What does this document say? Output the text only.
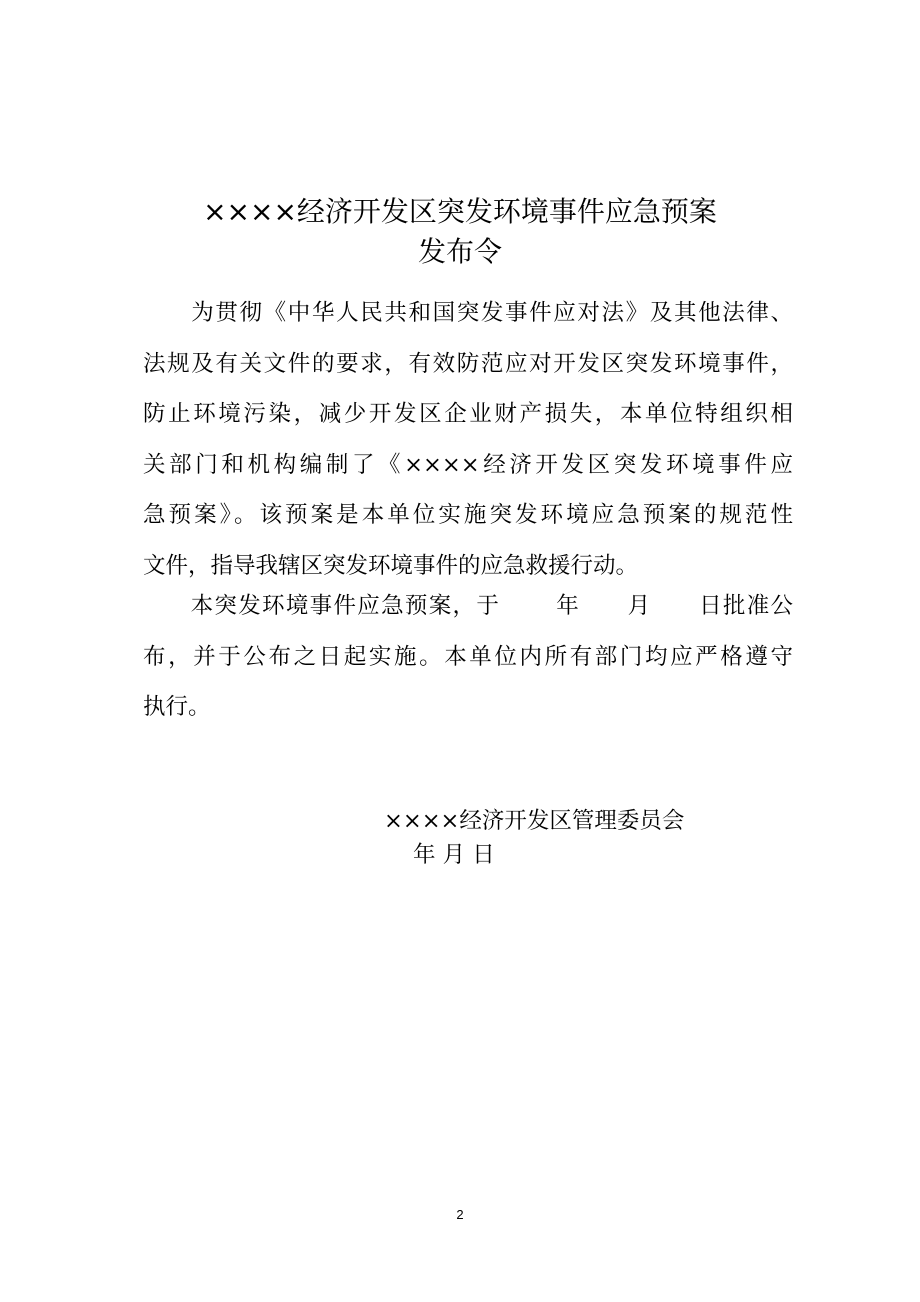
××××经济开发区突发环境事件应急预案
发布令
　　为贯彻《中华人民共和国突发事件应对法》及其他法律、
法规及有关文件的要求，有效防范应对开发区突发环境事件，
防止环境污染，减少开发区企业财产损失，本单位特组织相
关部门和机构编制了《××××经济开发区突发环境事件应
急预案》。该预案是本单位实施突发环境应急预案的规范性
文件，指导我辖区突发环境事件的应急救援行动。
　　本突发环境事件应急预案，于　　 年　　月　　日批准公
布，并于公布之日起实施。本单位内所有部门均应严格遵守
执行。
××××经济开发区管理委员会
年 月 日
2
